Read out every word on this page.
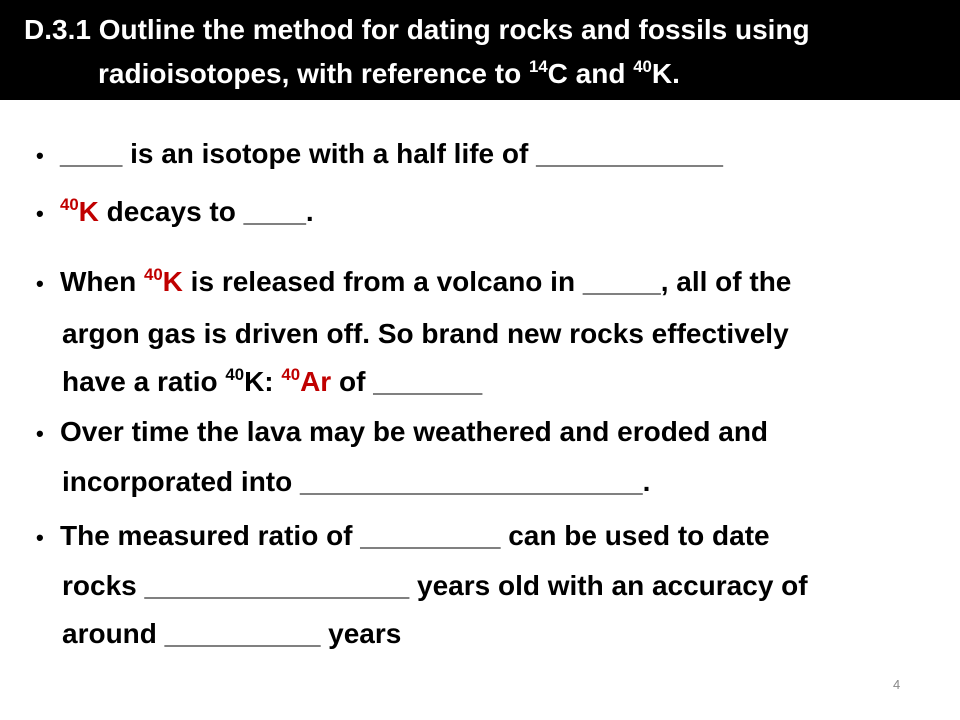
D.3.1 Outline the method for dating rocks and fossils using
radioisotopes, with reference to $^{14}$C and $^{40}$K.
• ____ is an isotope with a half life of ____________
• $^{40}$K decays to ____.
• When $^{40}$K is released from a volcano in _____, all of the
argon gas is driven off. So brand new rocks effectively
have a ratio $^{40}$K: $^{40}$Ar of _______
• Over time the lava may be weathered and eroded and
incorporated into ______________________.
• The measured ratio of _________ can be used to date
rocks _________________ years old with an accuracy of
around __________ years
4
